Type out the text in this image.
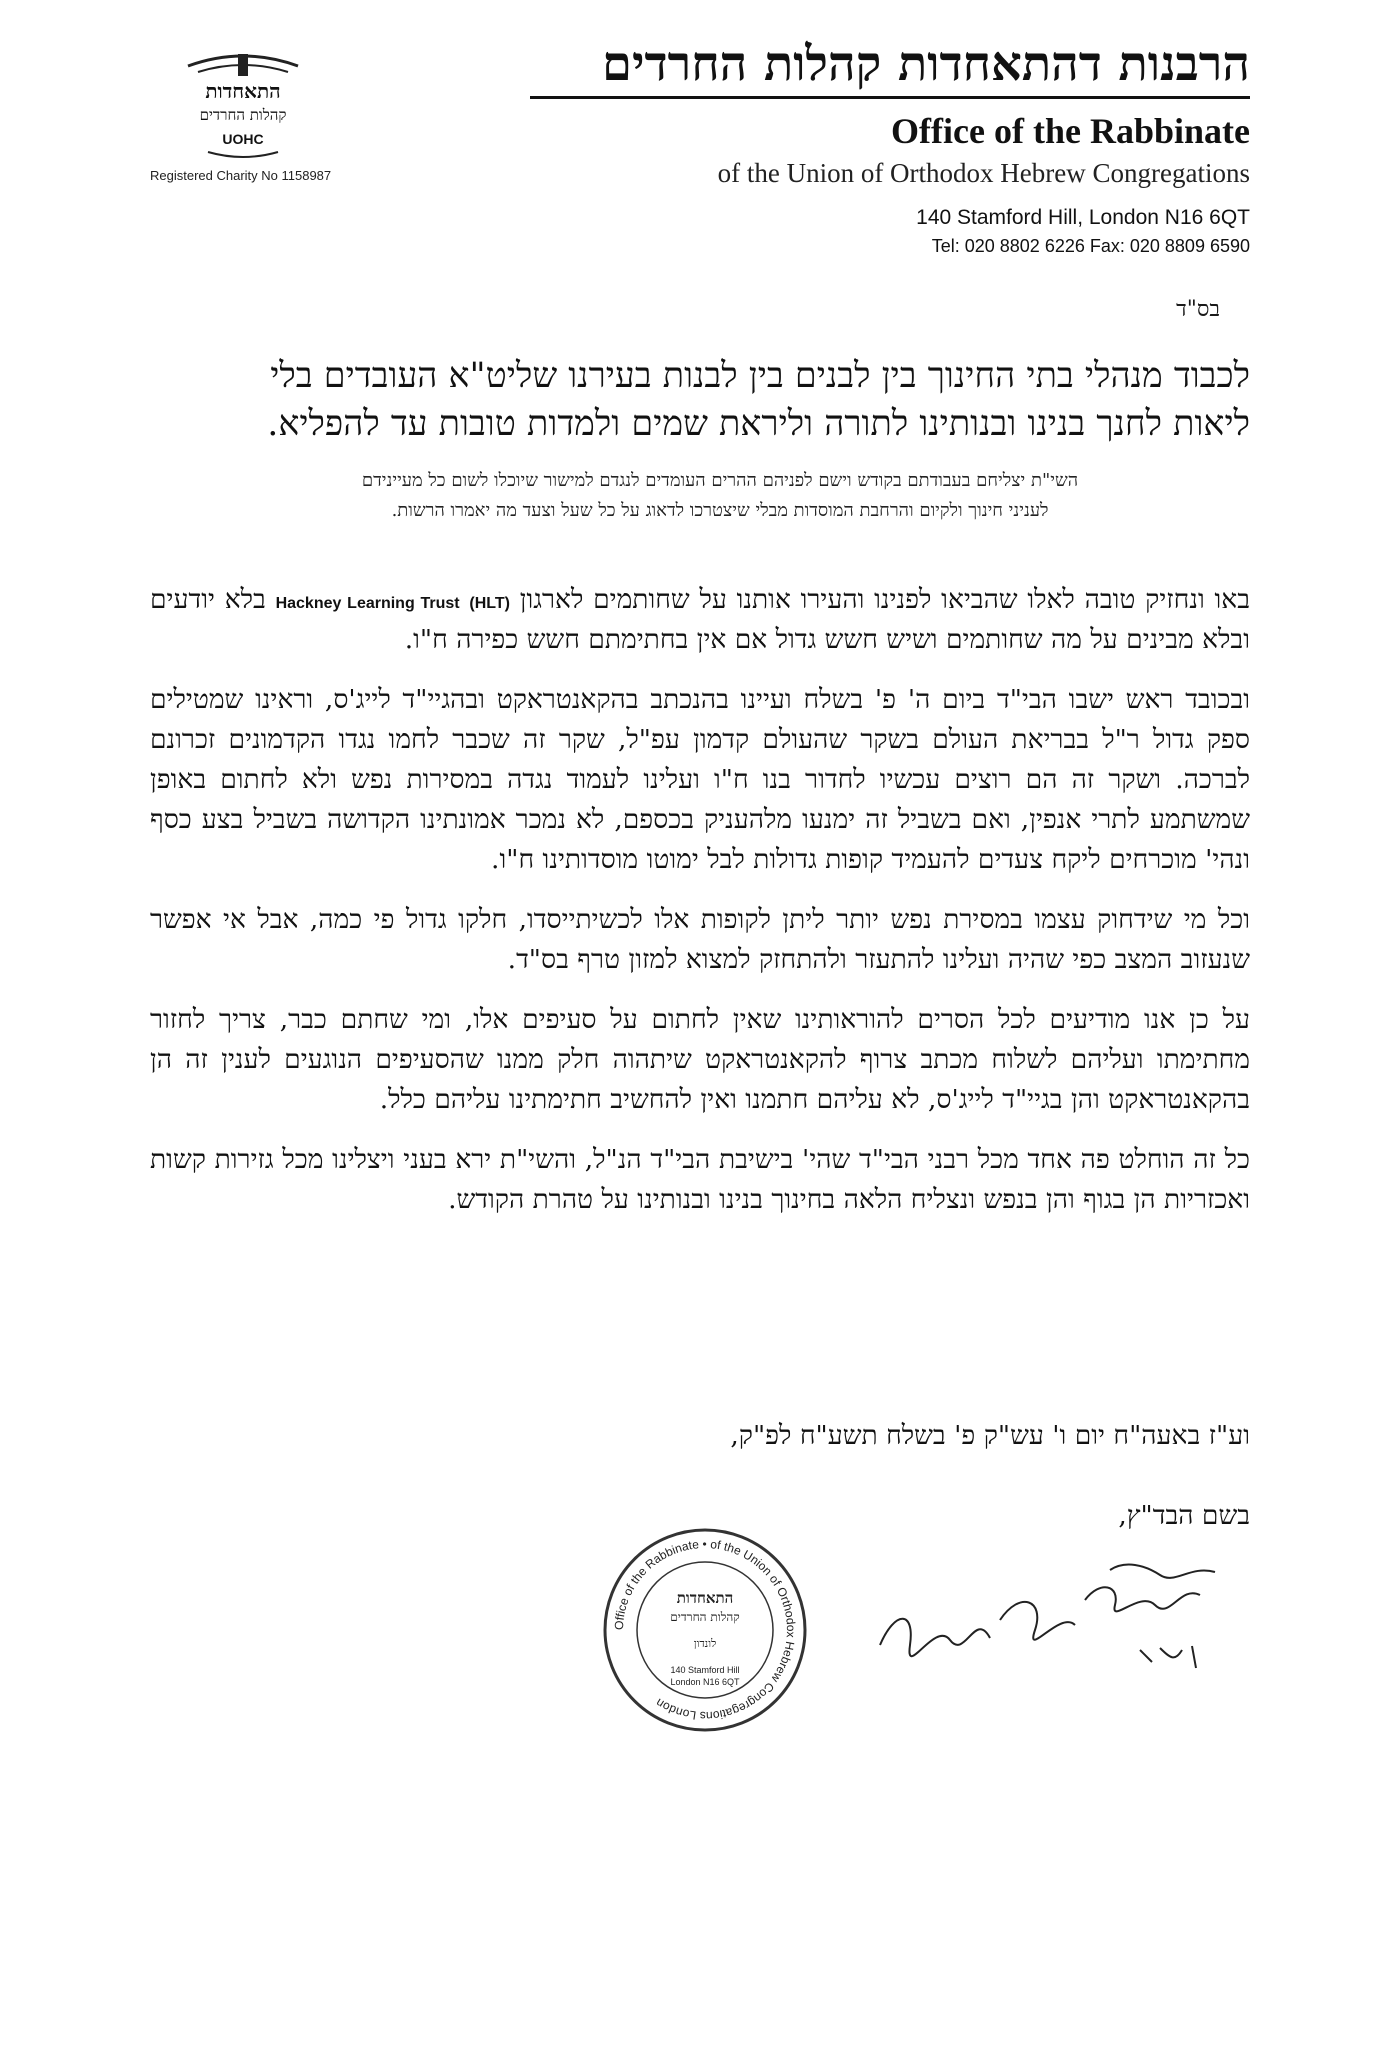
התאחדות
קהלות החרדים
UOHC
Registered Charity No 1158987
הרבנות דהתאחדות קהלות החרדים
Office of the Rabbinate
of the Union of Orthodox Hebrew Congregations
140 Stamford Hill, London N16 6QT
Tel: 020 8802 6226 Fax: 020 8809 6590
בס"ד

לכבוד מנהלי בתי החינוך בין לבנים בין לבנות בעירנו שליט"א העובדים בלי

ליאות לחנך בנינו ובנותינו לתורה וליראת שמים ולמדות טובות עד להפליא.

השי"ת יצליחם בעבודתם בקודש וישם לפניהם ההרים העומדים לנגדם למישור שיוכלו לשום כל מעיינידם

לעניני חינוך ולקיום והרחבת המוסדות מבלי שיצטרכו לדאוג על כל שעל וצעד מה יאמרו הרשות.

באו ונחזיק טובה לאלו שהביאו לפנינו והעירו אותנו על שחותמים לארגון Hackney Learning Trust (HLT) בלא יודעים ובלא מבינים על מה שחותמים ושיש חשש גדול אם אין בחתימתם חשש כפירה ח"ו.

ובכובד ראש ישבו הבי"ד ביום ה' פ' בשלח ועיינו בהנכתב בהקאנטראקט ובהגיי"ד לייג'ס, וראינו שמטילים ספק גדול ר"ל בבריאת העולם בשקר שהעולם קדמון עפ"ל, שקר זה שכבר לחמו נגדו הקדמונים זכרונם לברכה. ושקר זה הם רוצים עכשיו לחדור בנו ח"ו ועלינו לעמוד נגדה במסירות נפש ולא לחתום באופן שמשתמע לתרי אנפין, ואם בשביל זה ימנעו מלהעניק בכספם, לא נמכר אמונתינו הקדושה בשביל בצע כסף ונהי' מוכרחים ליקח צעדים להעמיד קופות גדולות לבל ימוטו מוסדותינו ח"ו.

וכל מי שידחוק עצמו במסירת נפש יותר ליתן לקופות אלו לכשיתייסדו, חלקו גדול פי כמה, אבל אי אפשר שנעזוב המצב כפי שהיה ועלינו להתעזר ולהתחזק למצוא למזון טרף בס"ד.

על כן אנו מודיעים לכל הסרים להוראותינו שאין לחתום על סעיפים אלו, ומי שחתם כבר, צריך לחזור מחתימתו ועליהם לשלוח מכתב צרוף להקאנטראקט שיתהוה חלק ממנו שהסעיפים הנוגעים לענין זה הן בהקאנטראקט והן בגיי"ד לייג'ס, לא עליהם חתמנו ואין להחשיב חתימתינו עליהם כלל.

כל זה הוחלט פה אחד מכל רבני הבי"ד שהי' בישיבת הבי"ד הנ"ל, והשי"ת ירא בעני ויצלינו מכל גזירות קשות ואכזריות הן בגוף והן בנפש ונצליח הלאה בחינוך בנינו ובנותינו על טהרת הקודש.

וע"ז באעה"ח יום ו' עש"ק פ' בשלח תשע"ח לפ"ק,
בשם הבד"ץ,
Office of the Rabbinate • of the Union of Orthodox Hebrew Congregations London
התאחדות
קהלות החרדים
לונדון
140 Stamford Hill
London N16 6QT
